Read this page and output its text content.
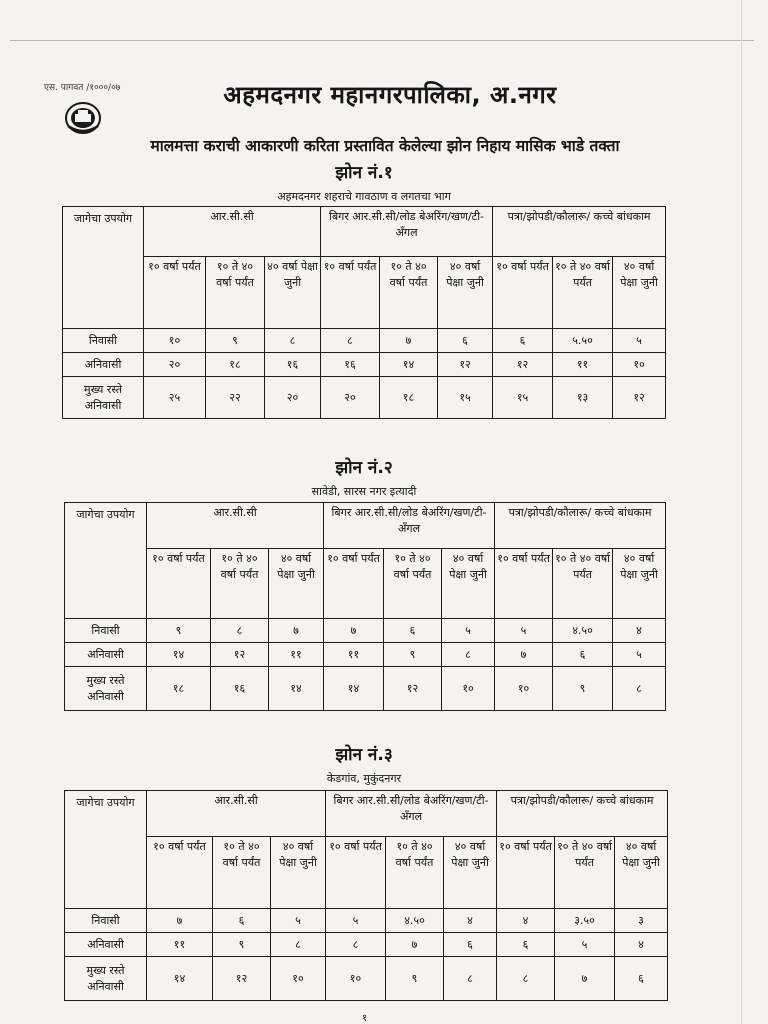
एस. पागवत /१०००/०७	अहमदनगर महानगरपालिका, अ.नगर
मालमत्ता कराची आकारणी करिता प्रस्तावित केलेल्या झोन निहाय मासिक भाडे तक्ता
झोन नं.१
अहमदनगर शहराचे गावठाण व लगतचा भाग
जागेचा उपयोग	आर.सी.सी			बिगर आर.सी.सी/लोड बेअरिंग/खण/टी-अँगल			पत्रा/झोपडी/कौलारू/ कच्चे बांधकाम		
	१० वर्षा पर्यंत	१० ते ४० वर्षा पर्यंत	४० वर्षा पेक्षा जुनी	१० वर्षा पर्यंत	१० ते ४० वर्षा पर्यंत	४० वर्षा पेक्षा जुनी	१० वर्षा पर्यंत	१० ते ४० वर्षा पर्यंत	४० वर्षा पेक्षा जुनी
निवासी	१०	९	८	८	७	६	६	५.५०	५
अनिवासी	२०	१८	१६	१६	१४	१२	१२	११	१०
मुख्य रस्ते अनिवासी	२५	२२	२०	२०	१८	१५	१५	१३	१२
झोन नं.२
सावेडी, सारस नगर इत्यादी
जागेचा उपयोग	आर.सी.सी			बिगर आर.सी.सी/लोड बेअरिंग/खण/टी-अँगल			पत्रा/झोपडी/कौलारू/ कच्चे बांधकाम		
	१० वर्षा पर्यंत	१० ते ४० वर्षा पर्यंत	४० वर्षा पेक्षा जुनी	१० वर्षा पर्यंत	१० ते ४० वर्षा पर्यंत	४० वर्षा पेक्षा जुनी	१० वर्षा पर्यंत	१० ते ४० वर्षा पर्यंत	४० वर्षा पेक्षा जुनी
निवासी	९	८	७	७	६	५	५	४.५०	४
अनिवासी	१४	१२	११	११	९	८	७	६	५
मुख्य रस्ते अनिवासी	१८	१६	१४	१४	१२	१०	१०	९	८
झोन नं.३
केडगांव, मुकुंदनगर
जागेचा उपयोग	आर.सी.सी			बिगर आर.सी.सी/लोड बेअरिंग/खण/टी-अँगल			पत्रा/झोपडी/कौलारू/ कच्चे बांधकाम		
	१० वर्षा पर्यंत	१० ते ४० वर्षा पर्यंत	४० वर्षा पेक्षा जुनी	१० वर्षा पर्यंत	१० ते ४० वर्षा पर्यंत	४० वर्षा पेक्षा जुनी	१० वर्षा पर्यंत	१० ते ४० वर्षा पर्यंत	४० वर्षा पेक्षा जुनी
निवासी	७	६	५	५	४.५०	४	४	३.५०	३
अनिवासी	११	९	८	८	७	६	६	५	४
मुख्य रस्ते अनिवासी	१४	१२	१०	१०	९	८	८	७	६
१
